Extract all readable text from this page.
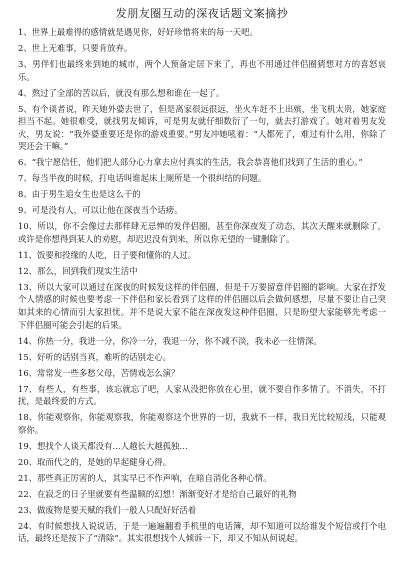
发朋友圈互动的深夜话题文案摘抄
1、世界上最难得的感情就是遇见你，好好珍惜将来的每一天吧。
2、世上无难事，只要肯放弃。
3、男伴们也最终来到她的城市，两个人预备定居下来了，再也不用通过伴侣圈猜想对方的喜怒哀乐。
4、熬过了全部的苦以后，就没有那么想和谁在一起了。
5、有个谈者说，昨天她外婆去世了，但是离家很远很远，坐火车赶不上出殡，坐飞机太贵，她家庭担当不起。她很难受，就找男友倾诉，可是男友就仔细数衍了一句，就去打游戏了。她对着男友发火，男友说：“我外婆重要还是你的游戏重要。”男友冲她吼着：“人都死了，难过有什么用，你除了哭还会干嘛。”
6、“我宁愿信任，他们把人部分心力拿去应付真实的生活，我会恭喜他们找到了生活的重心。”
7、每当半夜的时候，打电话叫谁起床上厕所是一个很纠结的问题。
8、由于男生追女生也是这么干的
9、可是没有人，可以让他在深夜当个话痨。
10、所以，你不会像过去那样肆无忌惮的发伴侣圈，甚至你深夜发了动态，其次天醒来就删除了，或许是你想得到某人的劝慰，却迟迟没有到来，所以你无望的一键删除了。
11、饭要和投缘的人吃，日子要和懂你的人过。
12、那么，回到我们现实生活中
13、所以大家可以通过在深夜的时候发这样的伴侣圈，但是千万要留意伴侣圈的影响。大家在抒发个人情感的时候也要考虑一下伴侣和家长看到了这样的伴侣圈以后会做何感想，尽量不要让自己突如其来的心情而引大家担忧。并不是说大家不能在深夜发这种伴侣圈，只是盼望大家能够先考虑一下伴侣圈可能会引起的后果。
14、你热一分，我进一分，你冷一分，我退一分，你不减不淡，我未必一往情深。
15、好听的话别当真，难听的话别走心。
16、常常发一些多愁父母，苦情戏怎么演？
17、有些人，有些事，该忘就忘了吧，人家从没把你放在心里，就不要自作多情了。不消失，不打扰，是最终爱的方式。
18、你能观察你，你能观察我，你能观察这个世界的一切，我就不一样，我日光比较短浅，只能观察你。
19、想找个人谈天都没有…人越长大越孤独…
20、取而代之的，是她的早起健身心得。
21、那些真正厉害的人，其实早已不作声响，在暗自消化各种心情。
22、在寂乏的日子里就要有些温顺的幻想！渐渐变好才是给自己最好的礼物
23、做废物是要天赋的我们一般人只配好好活着
24、有时候想找人说说话，于是一遍遍翻看手机里的电话簿，却不知道可以给谁发个短信或打个电话，最终还是按下了“清除”。其实很想找个人倾诉一下，却又不知从何说起。
